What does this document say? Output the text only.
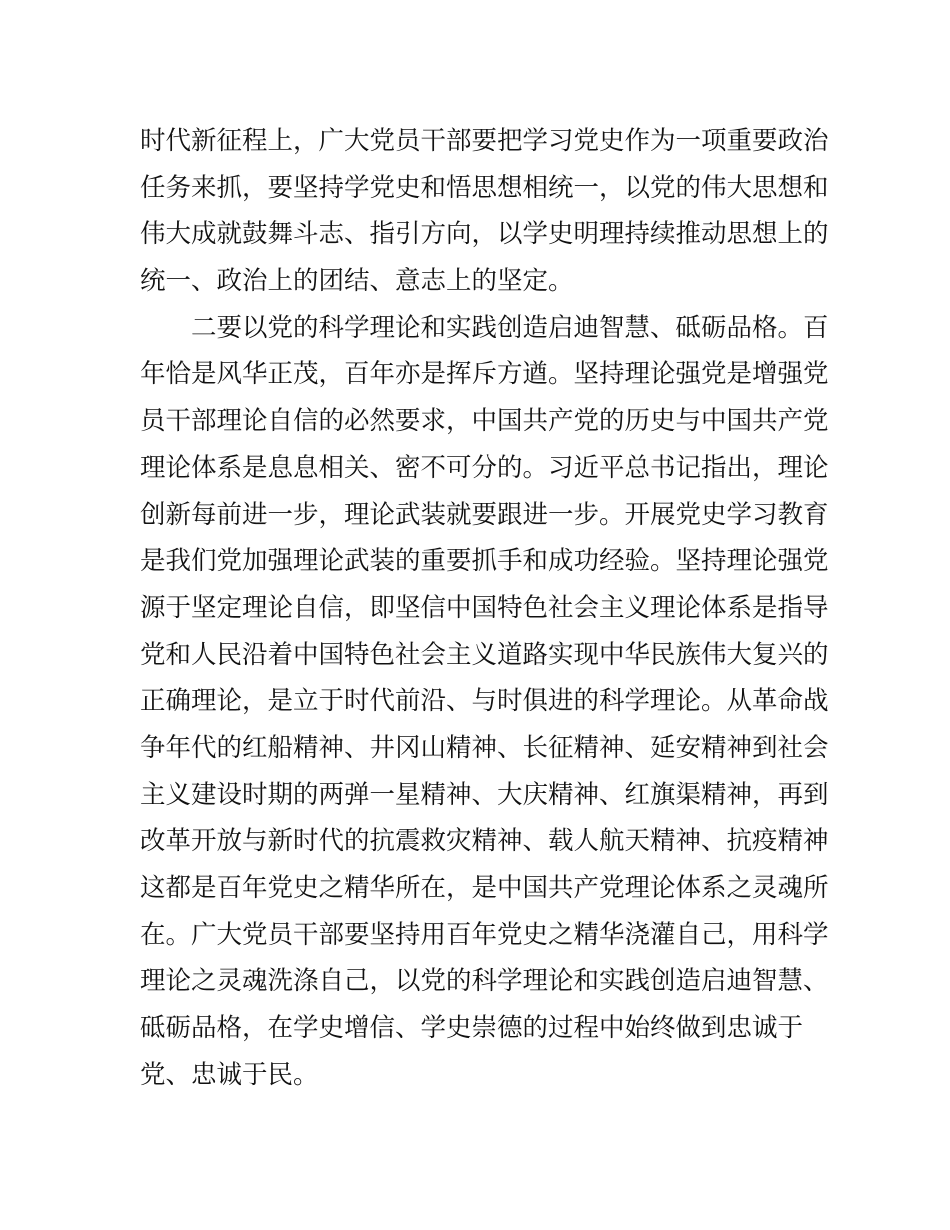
时代新征程上，广大党员干部要把学习党史作为一项重要政治
任务来抓，要坚持学党史和悟思想相统一，以党的伟大思想和
伟大成就鼓舞斗志、指引方向，以学史明理持续推动思想上的
统一、政治上的团结、意志上的坚定。
　　二要以党的科学理论和实践创造启迪智慧、砥砺品格。百
年恰是风华正茂，百年亦是挥斥方遒。坚持理论强党是增强党
员干部理论自信的必然要求，中国共产党的历史与中国共产党
理论体系是息息相关、密不可分的。习近平总书记指出，理论
创新每前进一步，理论武装就要跟进一步。开展党史学习教育
是我们党加强理论武装的重要抓手和成功经验。坚持理论强党
源于坚定理论自信，即坚信中国特色社会主义理论体系是指导
党和人民沿着中国特色社会主义道路实现中华民族伟大复兴的
正确理论，是立于时代前沿、与时俱进的科学理论。从革命战
争年代的红船精神、井冈山精神、长征精神、延安精神到社会
主义建设时期的两弹一星精神、大庆精神、红旗渠精神，再到
改革开放与新时代的抗震救灾精神、载人航天精神、抗疫精神
这都是百年党史之精华所在，是中国共产党理论体系之灵魂所
在。广大党员干部要坚持用百年党史之精华浇灌自己，用科学
理论之灵魂洗涤自己，以党的科学理论和实践创造启迪智慧、
砥砺品格，在学史增信、学史崇德的过程中始终做到忠诚于
党、忠诚于民。
